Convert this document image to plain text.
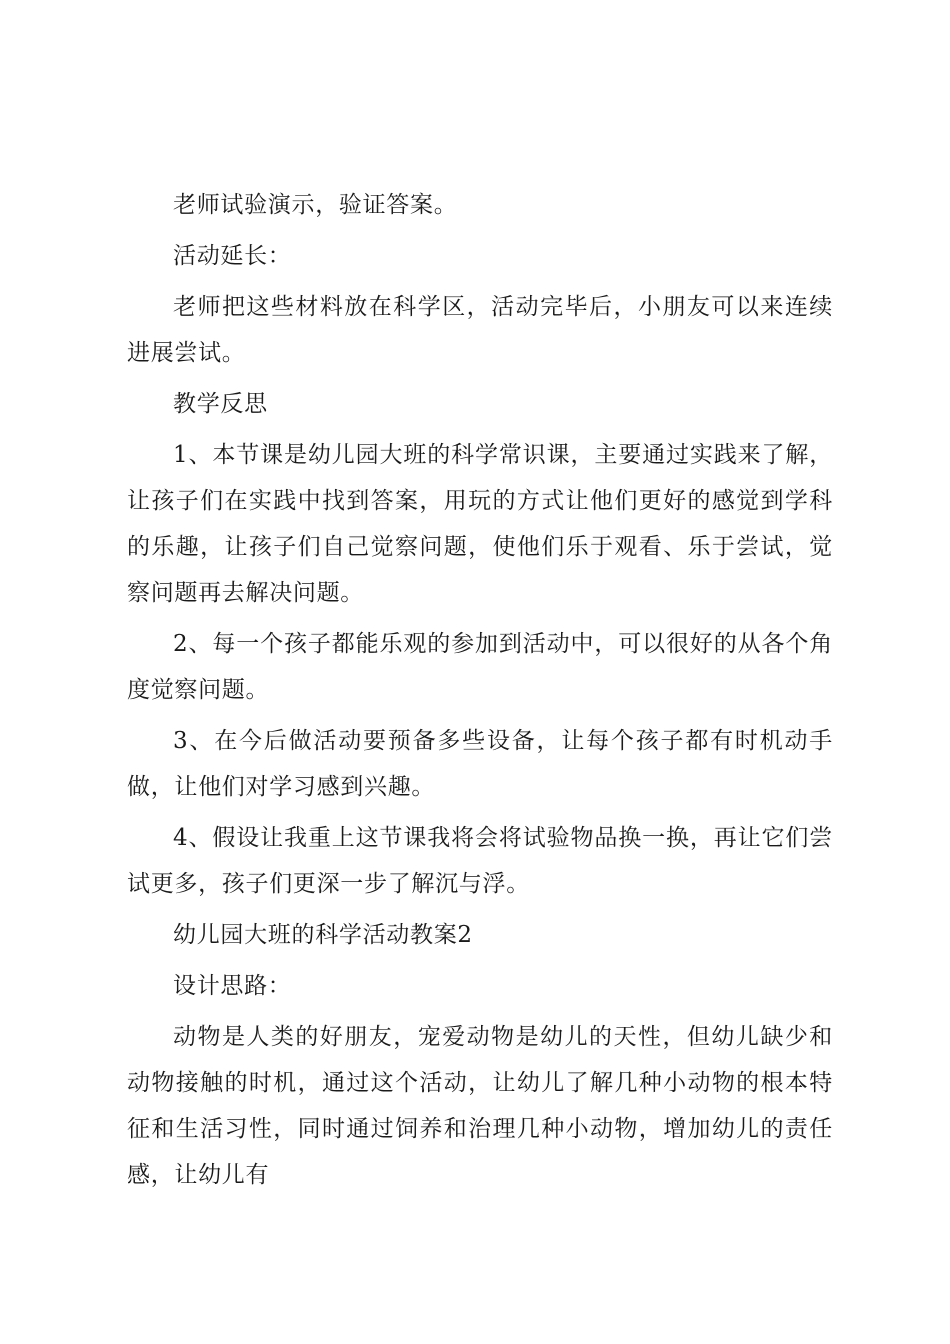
老师试验演示，验证答案。

活动延长：

老师把这些材料放在科学区，活动完毕后，小朋友可以来连续进展尝试。

教学反思

1、本节课是幼儿园大班的科学常识课，主要通过实践来了解，让孩子们在实践中找到答案，用玩的方式让他们更好的感觉到学科的乐趣，让孩子们自己觉察问题，使他们乐于观看、乐于尝试，觉察问题再去解决问题。

2、每一个孩子都能乐观的参加到活动中，可以很好的从各个角度觉察问题。

3、在今后做活动要预备多些设备，让每个孩子都有时机动手做，让他们对学习感到兴趣。

4、假设让我重上这节课我将会将试验物品换一换，再让它们尝试更多，孩子们更深一步了解沉与浮。

幼儿园大班的科学活动教案2

设计思路：

动物是人类的好朋友，宠爱动物是幼儿的天性，但幼儿缺少和动物接触的时机，通过这个活动，让幼儿了解几种小动物的根本特征和生活习性，同时通过饲养和治理几种小动物，增加幼儿的责任感，让幼儿有
